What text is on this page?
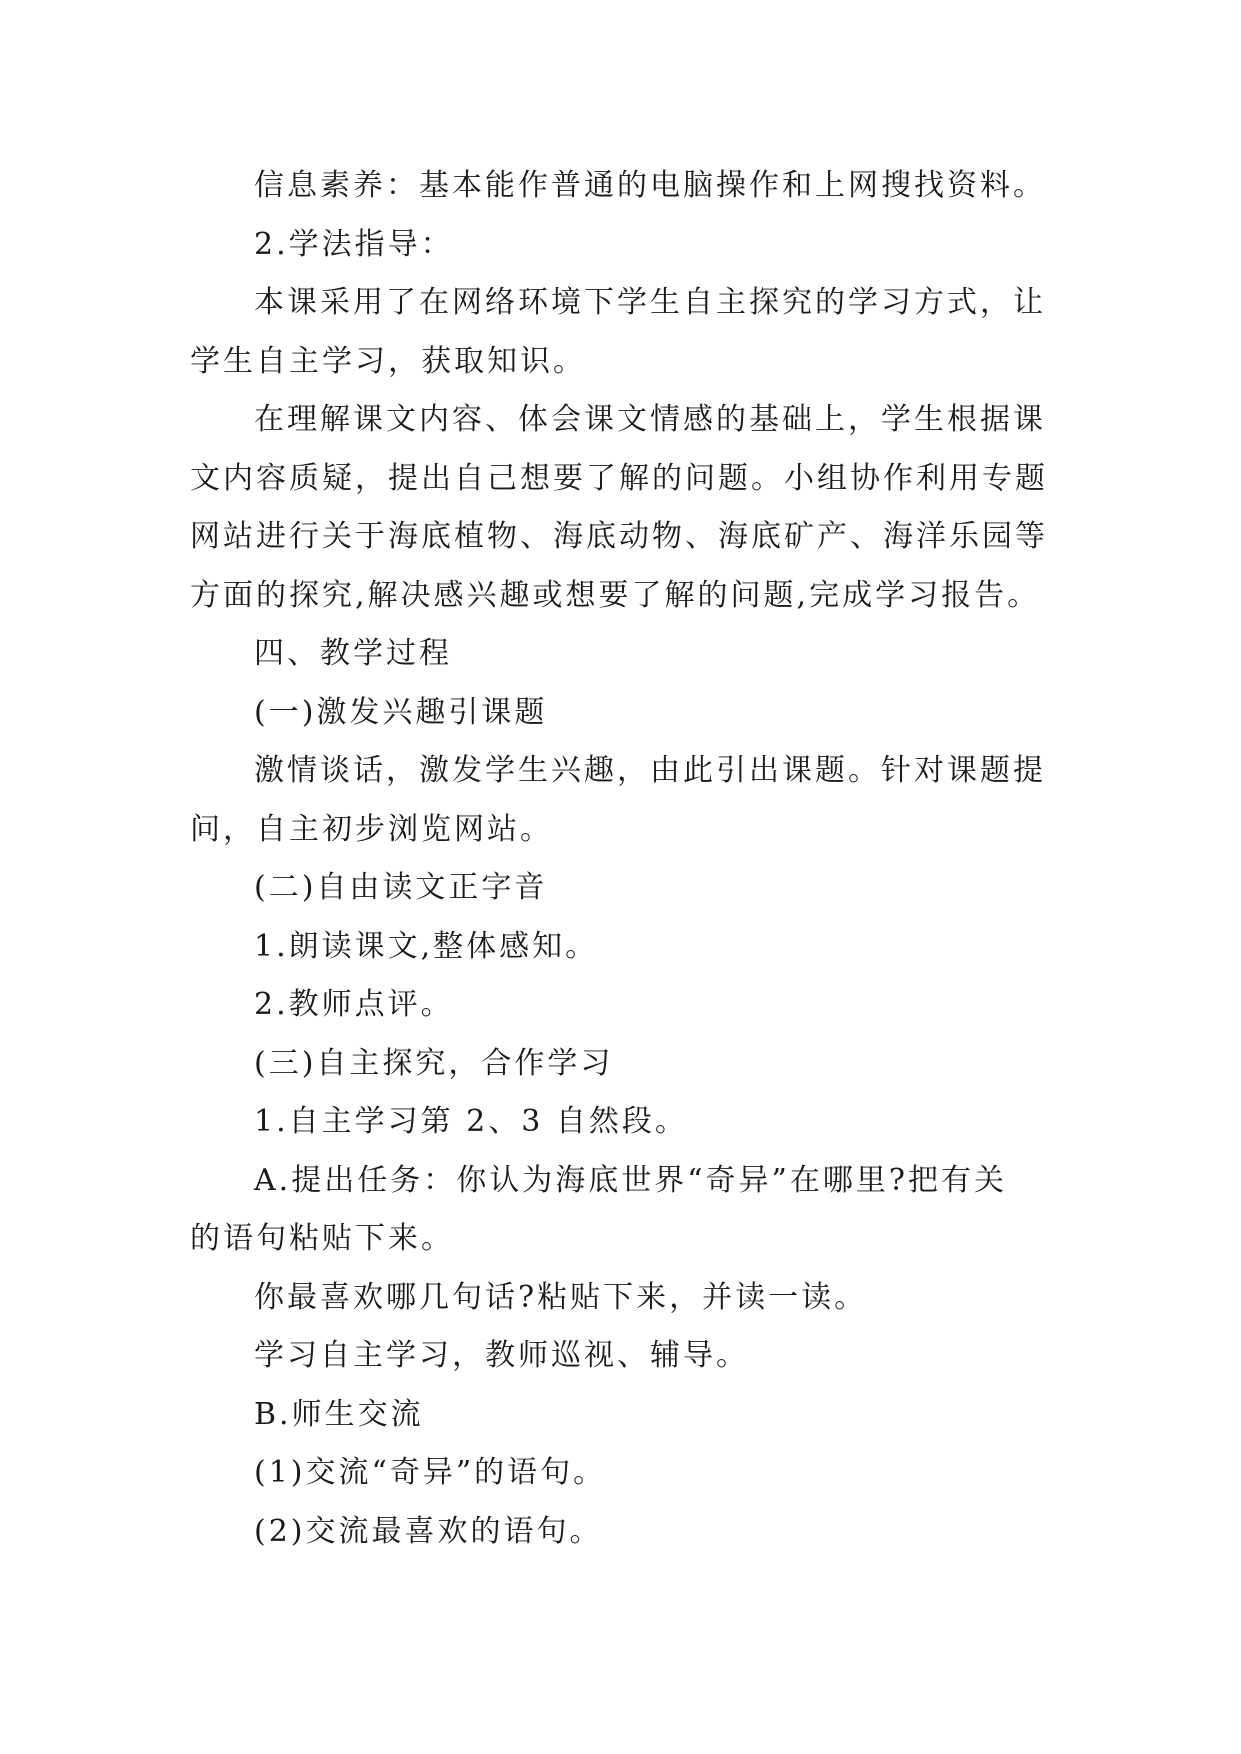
信息素养：基本能作普通的电脑操作和上网搜找资料。

2.学法指导：

本课采用了在网络环境下学生自主探究的学习方式，让
学生自主学习，获取知识。

在理解课文内容、体会课文情感的基础上，学生根据课
文内容质疑，提出自己想要了解的问题。小组协作利用专题
网站进行关于海底植物、海底动物、海底矿产、海洋乐园等
方面的探究,解决感兴趣或想要了解的问题,完成学习报告。

四、教学过程

(一)激发兴趣引课题

激情谈话，激发学生兴趣，由此引出课题。针对课题提
问，自主初步浏览网站。

(二)自由读文正字音

1.朗读课文,整体感知。

2.教师点评。

(三)自主探究，合作学习

1.自主学习第 2、3 自然段。

A.提出任务：你认为海底世界“奇异”在哪里?把有关
的语句粘贴下来。

你最喜欢哪几句话?粘贴下来，并读一读。

学习自主学习，教师巡视、辅导。

B.师生交流

(1)交流“奇异”的语句。

(2)交流最喜欢的语句。
